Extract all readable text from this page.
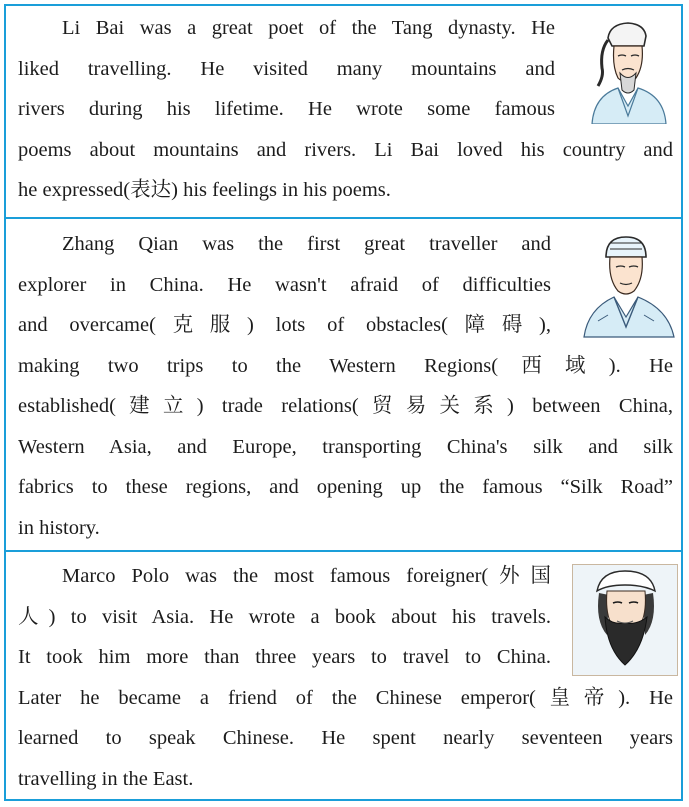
Li Bai was a great poet of the Tang dynasty. He
liked travelling. He visited many mountains and
rivers during his lifetime. He wrote some famous
poems about mountains and rivers. Li Bai loved his country and
he expressed(表达) his feelings in his poems.

Zhang Qian was the first great traveller and
explorer in China. He wasn't afraid of difficulties
and overcame(克服) lots of obstacles(障碍),
making two trips to the Western Regions(西域). He
established(建立) trade relations(贸易关系) between China,
Western Asia, and Europe, transporting China's silk and silk
fabrics to these regions, and opening up the famous “Silk Road”
in history.

Marco Polo was the most famous foreigner(外国
人) to visit Asia. He wrote a book about his travels.
It took him more than three years to travel to China.
Later he became a friend of the Chinese emperor(皇帝). He
learned to speak Chinese. He spent nearly seventeen years
travelling in the East.
